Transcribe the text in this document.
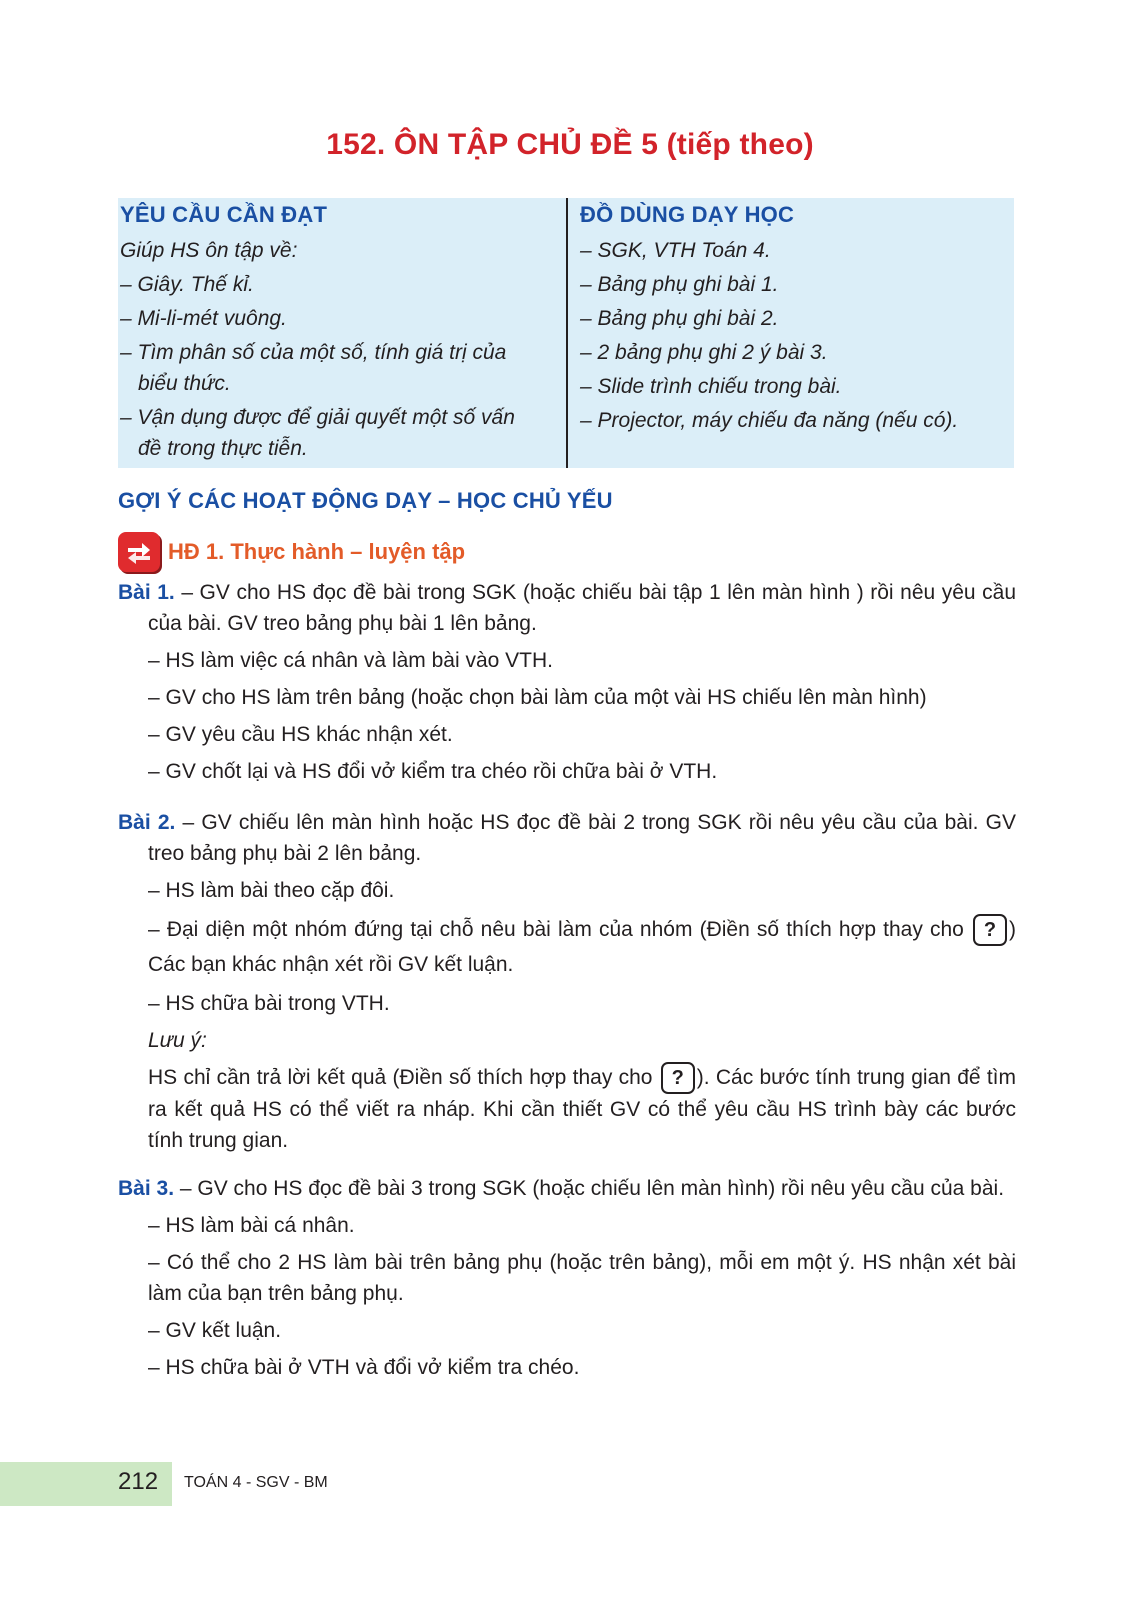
152. ÔN TẬP CHỦ ĐỀ 5 (tiếp theo)
YÊU CẦU CẦN ĐẠT
Giúp HS ôn tập về:
– Giây. Thế kỉ.
– Mi-li-mét vuông.
– Tìm phân số của một số, tính giá trị của biểu thức.
– Vận dụng được để giải quyết một số vấn đề trong thực tiễn.
ĐỒ DÙNG DẠY HỌC
– SGK, VTH Toán 4.
– Bảng phụ ghi bài 1.
– Bảng phụ ghi bài 2.
– 2 bảng phụ ghi 2 ý bài 3.
– Slide trình chiếu trong bài.
– Projector, máy chiếu đa năng (nếu có).
GỢI Ý CÁC HOẠT ĐỘNG DẠY – HỌC CHỦ YẾU
HĐ 1. Thực hành – luyện tập
Bài 1. – GV cho HS đọc đề bài trong SGK (hoặc chiếu bài tập 1 lên màn hình ) rồi nêu yêu cầu của bài. GV treo bảng phụ bài 1 lên bảng.
– HS làm việc cá nhân và làm bài vào VTH.
– GV cho HS làm trên bảng (hoặc chọn bài làm của một vài HS chiếu lên màn hình)
– GV yêu cầu HS khác nhận xét.
– GV chốt lại và HS đổi vở kiểm tra chéo rồi chữa bài ở VTH.
Bài 2. – GV chiếu lên màn hình hoặc HS đọc đề bài 2 trong SGK rồi nêu yêu cầu của bài. GV treo bảng phụ bài 2 lên bảng.
– HS làm bài theo cặp đôi.
– Đại diện một nhóm đứng tại chỗ nêu bài làm của nhóm (Điền số thích hợp thay cho ? ) Các bạn khác nhận xét rồi GV kết luận.
– HS chữa bài trong VTH.
Lưu ý:
HS chỉ cần trả lời kết quả (Điền số thích hợp thay cho ? ). Các bước tính trung gian để tìm ra kết quả HS có thể viết ra nháp. Khi cần thiết GV có thể yêu cầu HS trình bày các bước tính trung gian.
Bài 3. – GV cho HS đọc đề bài 3 trong SGK (hoặc chiếu lên màn hình) rồi nêu yêu cầu của bài.
– HS làm bài cá nhân.
– Có thể cho 2 HS làm bài trên bảng phụ (hoặc trên bảng), mỗi em một ý. HS nhận xét bài làm của bạn trên bảng phụ.
– GV kết luận.
– HS chữa bài ở VTH và đổi vở kiểm tra chéo.
212 TOÁN 4 - SGV - BM
